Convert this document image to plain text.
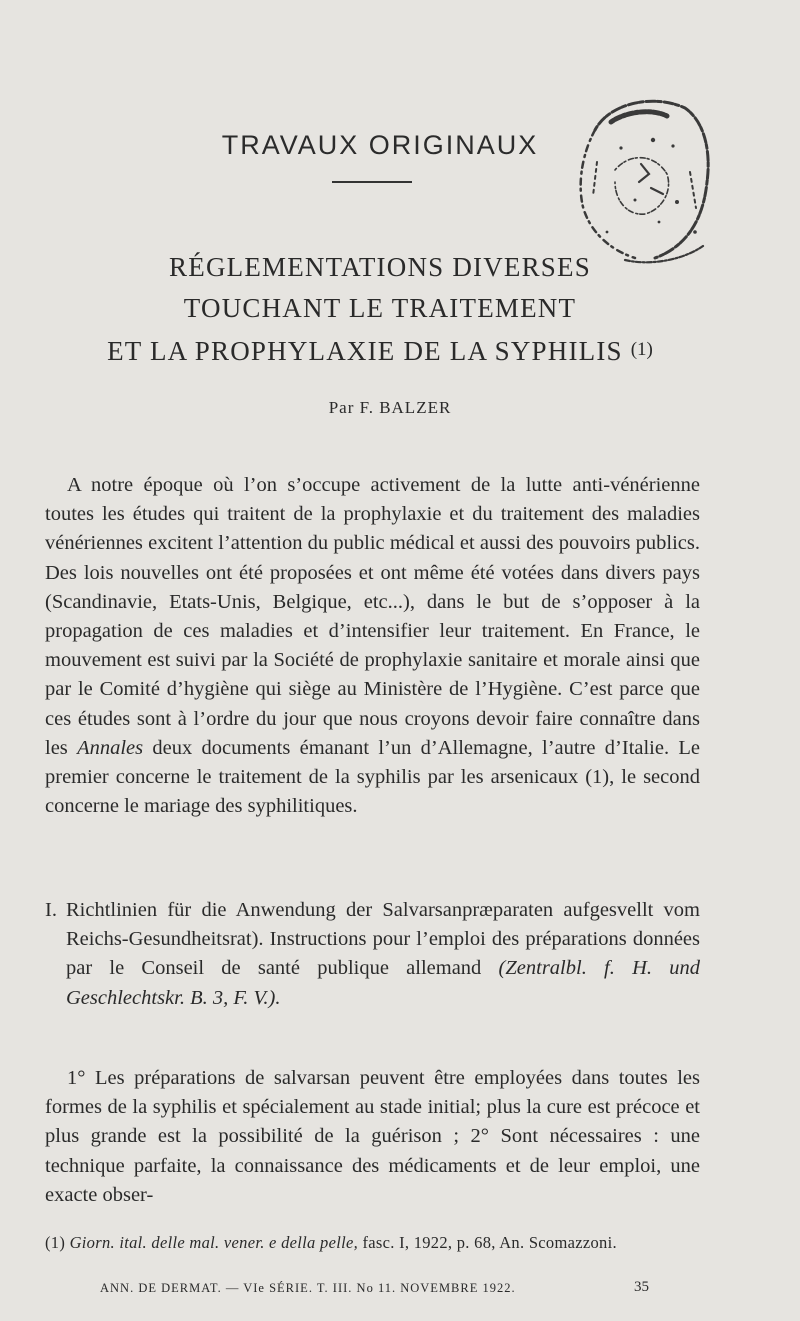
TRAVAUX ORIGINAUX
RÉGLEMENTATIONS DIVERSES
TOUCHANT LE TRAITEMENT
ET LA PROPHYLAXIE DE LA SYPHILIS (1)
Par F. BALZER

A notre époque où l’on s’occupe activement de la lutte anti-vénérienne toutes les études qui traitent de la prophylaxie et du traitement des maladies vénériennes excitent l’attention du public médical et aussi des pouvoirs publics. Des lois nouvelles ont été proposées et ont même été votées dans divers pays (Scandinavie, Etats-Unis, Belgique, etc...), dans le but de s’opposer à la propagation de ces maladies et d’intensifier leur traitement. En France, le mouvement est suivi par la Société de prophylaxie sanitaire et morale ainsi que par le Comité d’hygiène qui siège au Ministère de l’Hygiène. C’est parce que ces études sont à l’ordre du jour que nous croyons devoir faire connaître dans les Annales deux documents émanant l’un d’Allemagne, l’autre d’Italie. Le premier concerne le traitement de la syphilis par les arsenicaux (1), le second concerne le mariage des syphilitiques.

I. Richtlinien für die Anwendung der Salvarsanpræparaten aufgesvellt vom Reichs-Gesundheitsrat). Instructions pour l’emploi des préparations données par le Conseil de santé publique allemand (Zentralbl. f. H. und Geschlechtskr. B. 3, F. V.).

1° Les préparations de salvarsan peuvent être employées dans toutes les formes de la syphilis et spécialement au stade initial; plus la cure est précoce et plus grande est la possibilité de la guérison ; 2° Sont nécessaires : une technique parfaite, la connaissance des médicaments et de leur emploi, une exacte obser-

(1) Giorn. ital. delle mal. vener. e della pelle, fasc. I, 1922, p. 68, An. Scomazzoni.
ANN. DE DERMAT. — VIe SÉRIE. T. III. No 11. NOVEMBRE 1922.	35
